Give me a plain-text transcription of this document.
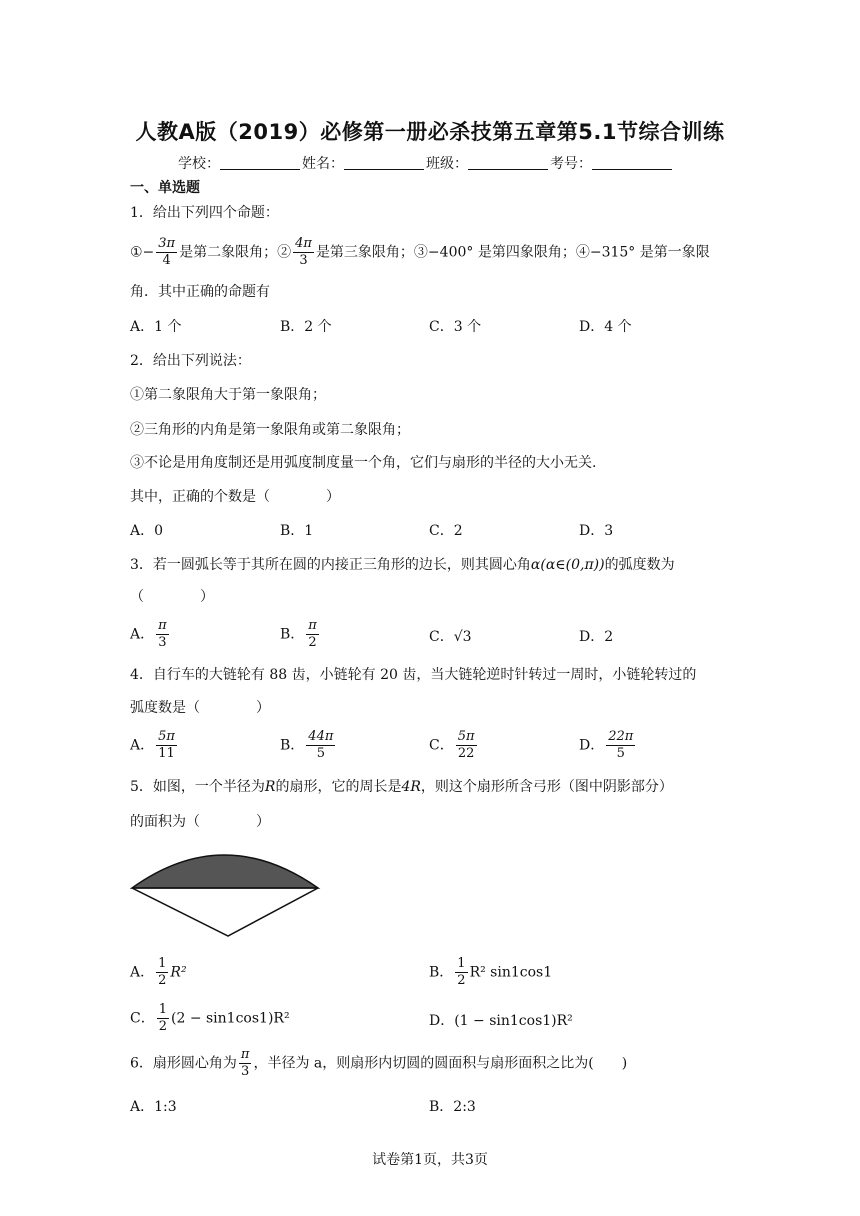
人教A版（2019）必修第一册必杀技第五章第5.1节综合训练
学校：	姓名：	班级：	考号：
一、单选题
1．给出下列四个命题：
①− $\frac{3\pi}{4}$ 是第二象限角；② $\frac{4\pi}{3}$ 是第三象限角；③−400° 是第四象限角；④−315° 是第一象限
角．其中正确的命题有
A．1 个	B．2 个	C．3 个	D．4 个
2．给出下列说法：
①第二象限角大于第一象限角；
②三角形的内角是第一象限角或第二象限角；
③不论是用角度制还是用弧度制度量一个角，它们与扇形的半径的大小无关.
其中，正确的个数是（　　　　）
A．0	B．1	C．2	D．3
3．若一圆弧长等于其所在圆的内接正三角形的边长，则其圆心角α(α∈(0,π))的弧度数为
（　　　　）
A． $\frac{\pi}{3}$	B． $\frac{\pi}{2}$	C．√3	D．2
4．自行车的大链轮有 88 齿，小链轮有 20 齿，当大链轮逆时针转过一周时，小链轮转过的
弧度数是（　　　　）
A． $\frac{5\pi}{11}$	B． $\frac{44\pi}{5}$	C． $\frac{5\pi}{22}$	D． $\frac{22\pi}{5}$
5．如图，一个半径为R的扇形，它的周长是4R，则这个扇形所含弓形（图中阴影部分）
的面积为（　　　　）
A． $\frac{1}{2} R^2$	B． $\frac{1}{2} R^2$ sin1cos1
C． $\frac{1}{2} (2 - \sin 1\cos 1)R^2$	D．(1 − sin1cos1)R²
6．扇形圆心角为 $\frac{\pi}{3}$ ，半径为 a，则扇形内切圆的圆面积与扇形面积之比为(　　)
A．1:3	B．2:3
试卷第1页，共3页
